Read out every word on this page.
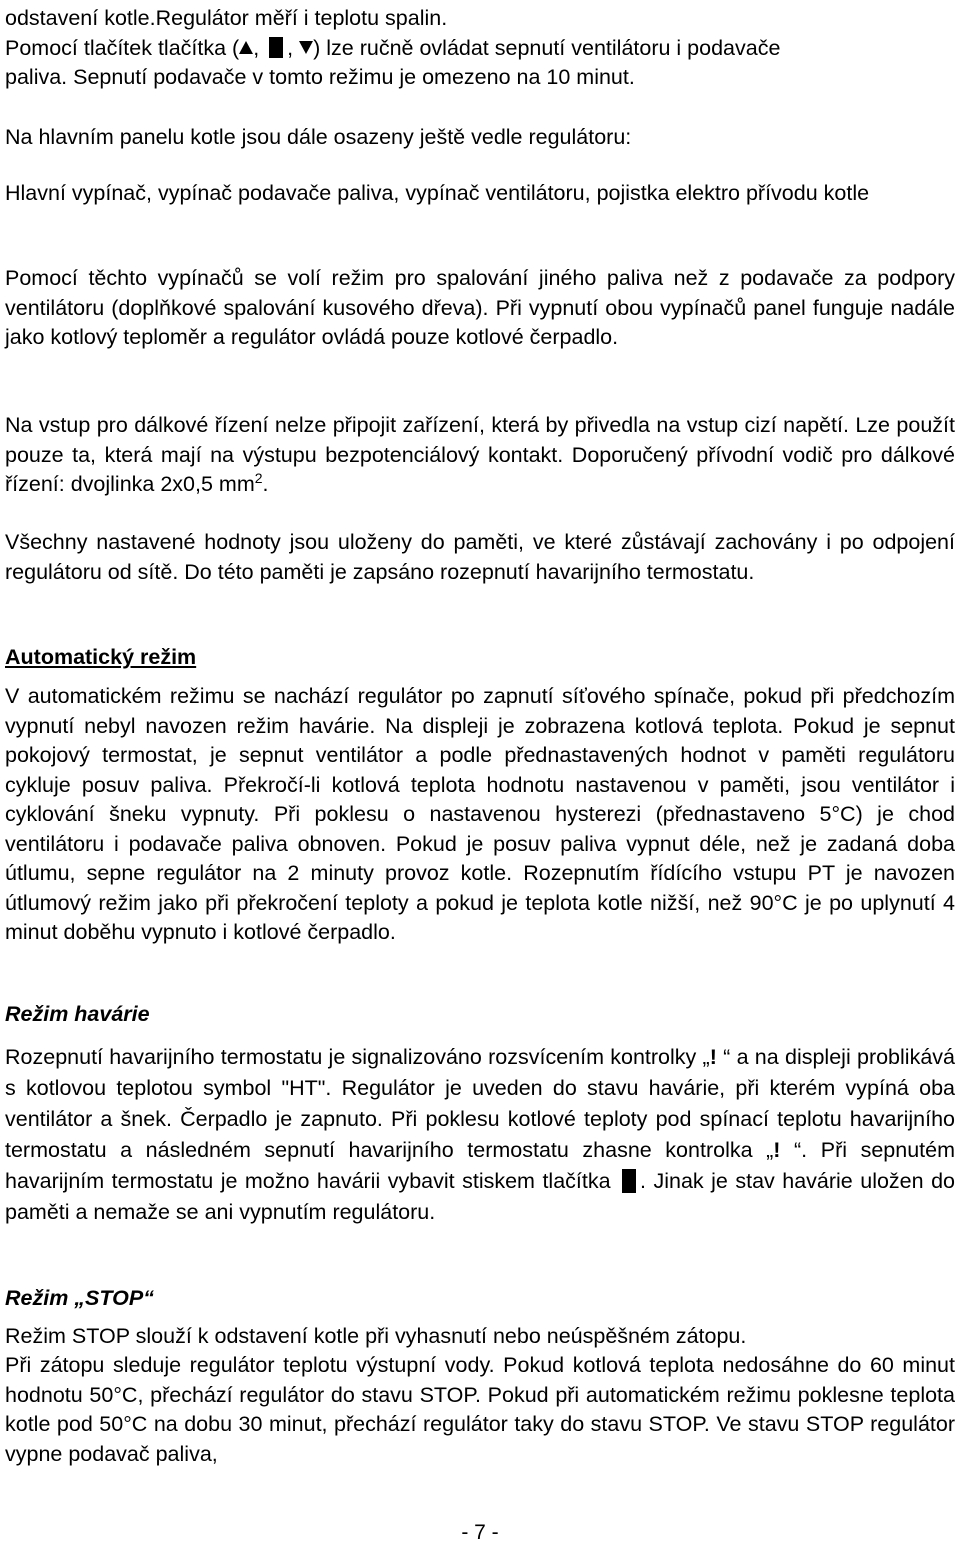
odstavení kotle.Regulátor měří i teplotu spalin.

Pomocí tlačítek tlačítka ( , , ) lze ručně ovládat sepnutí ventilátoru i podavače

paliva. Sepnutí podavače v tomto režimu je omezeno na 10 minut.

Na hlavním panelu kotle jsou dále osazeny ještě vedle regulátoru:

Hlavní vypínač, vypínač podavače paliva, vypínač ventilátoru, pojistka elektro přívodu kotle

Pomocí těchto vypínačů se volí režim pro spalování jiného paliva než z podavače za podpory ventilátoru (doplňkové spalování kusového dřeva). Při vypnutí obou vypínačů panel funguje nadále jako kotlový teploměr a regulátor ovládá pouze kotlové čerpadlo.

Na vstup pro dálkové řízení nelze připojit zařízení, která by přivedla na vstup cizí napětí. Lze použít pouze ta, která mají na výstupu bezpotenciálový kontakt. Doporučený přívodní vodič pro dálkové řízení: dvojlinka 2x0,5 $mm^2$.

Všechny nastavené hodnoty jsou uloženy do paměti, ve které zůstávají zachovány i po odpojení regulátoru od sítě. Do této paměti je zapsáno rozepnutí havarijního termostatu.

Automatický režim

V automatickém režimu se nachází regulátor po zapnutí síťového spínače, pokud při předchozím vypnutí nebyl navozen režim havárie. Na displeji je zobrazena kotlová teplota. Pokud je sepnut pokojový termostat, je sepnut ventilátor a podle přednastavených hodnot v paměti regulátoru cykluje posuv paliva. Překročí-li kotlová teplota hodnotu nastavenou v paměti, jsou ventilátor i cyklování šneku vypnuty. Při poklesu o nastavenou hysterezi (přednastaveno 5°C) je chod ventilátoru i podavače paliva obnoven. Pokud je posuv paliva vypnut déle, než je zadaná doba útlumu, sepne regulátor na 2 minuty provoz kotle. Rozepnutím řídícího vstupu PT je navozen útlumový režim jako při překročení teploty a pokud je teplota kotle nižší, než 90°C je po uplynutí 4 minut doběhu vypnuto i kotlové čerpadlo.

Režim havárie

Rozepnutí havarijního termostatu je signalizováno rozsvícením kontrolky „! “ a na displeji problikává s kotlovou teplotou symbol "HT". Regulátor je uveden do stavu havárie, při kterém vypíná oba ventilátor a šnek. Čerpadlo je zapnuto. Při poklesu kotlové teploty pod spínací teplotu havarijního termostatu a následném sepnutí havarijního termostatu zhasne kontrolka „! “. Při sepnutém havarijním termostatu je možno havárii vybavit stiskem tlačítka . Jinak je stav havárie uložen do paměti a nemaže se ani vypnutím regulátoru.

Režim „STOP“

Režim STOP slouží k odstavení kotle při vyhasnutí nebo neúspěšném zátopu.

Při zátopu sleduje regulátor teplotu výstupní vody. Pokud kotlová teplota nedosáhne do 60 minut hodnotu 50°C, přechází regulátor do stavu STOP. Pokud při automatickém režimu poklesne teplota kotle pod 50°C na dobu 30 minut, přechází regulátor taky do stavu STOP. Ve stavu STOP regulátor vypne podavač paliva,

- 7 -
